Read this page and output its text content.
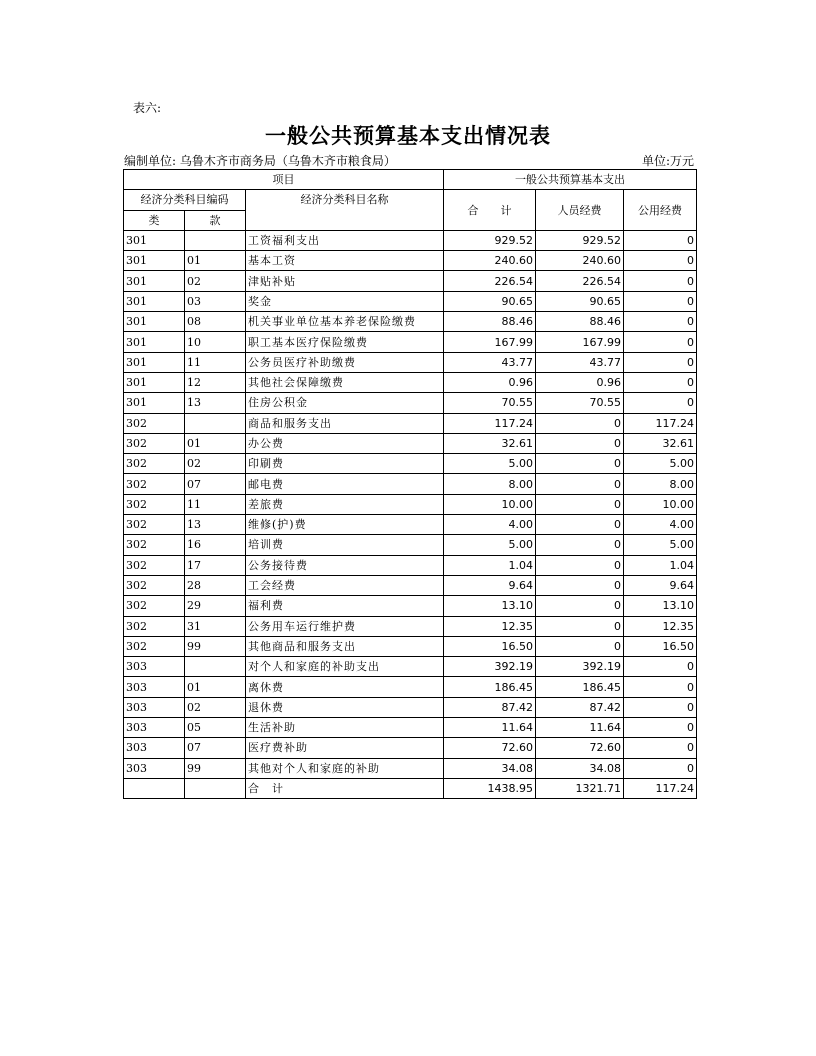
表六:
一般公共预算基本支出情况表
编制单位: 乌鲁木齐市商务局（乌鲁木齐市粮食局）	单位:万元
项目			一般公共预算基本支出		
经济分类科目编码		经济分类科目名称	合　　计	人员经费	公用经费
类	款				
301		工资福利支出	929.52	929.52	0
301	01	基本工资	240.60	240.60	0
301	02	津贴补贴	226.54	226.54	0
301	03	奖金	90.65	90.65	0
301	08	机关事业单位基本养老保险缴费	88.46	88.46	0
301	10	职工基本医疗保险缴费	167.99	167.99	0
301	11	公务员医疗补助缴费	43.77	43.77	0
301	12	其他社会保障缴费	0.96	0.96	0
301	13	住房公积金	70.55	70.55	0
302		商品和服务支出	117.24	0	117.24
302	01	办公费	32.61	0	32.61
302	02	印刷费	5.00	0	5.00
302	07	邮电费	8.00	0	8.00
302	11	差旅费	10.00	0	10.00
302	13	维修(护)费	4.00	0	4.00
302	16	培训费	5.00	0	5.00
302	17	公务接待费	1.04	0	1.04
302	28	工会经费	9.64	0	9.64
302	29	福利费	13.10	0	13.10
302	31	公务用车运行维护费	12.35	0	12.35
302	99	其他商品和服务支出	16.50	0	16.50
303		对个人和家庭的补助支出	392.19	392.19	0
303	01	离休费	186.45	186.45	0
303	02	退休费	87.42	87.42	0
303	05	生活补助	11.64	11.64	0
303	07	医疗费补助	72.60	72.60	0
303	99	其他对个人和家庭的补助	34.08	34.08	0
		合　计	1438.95	1321.71	117.24
